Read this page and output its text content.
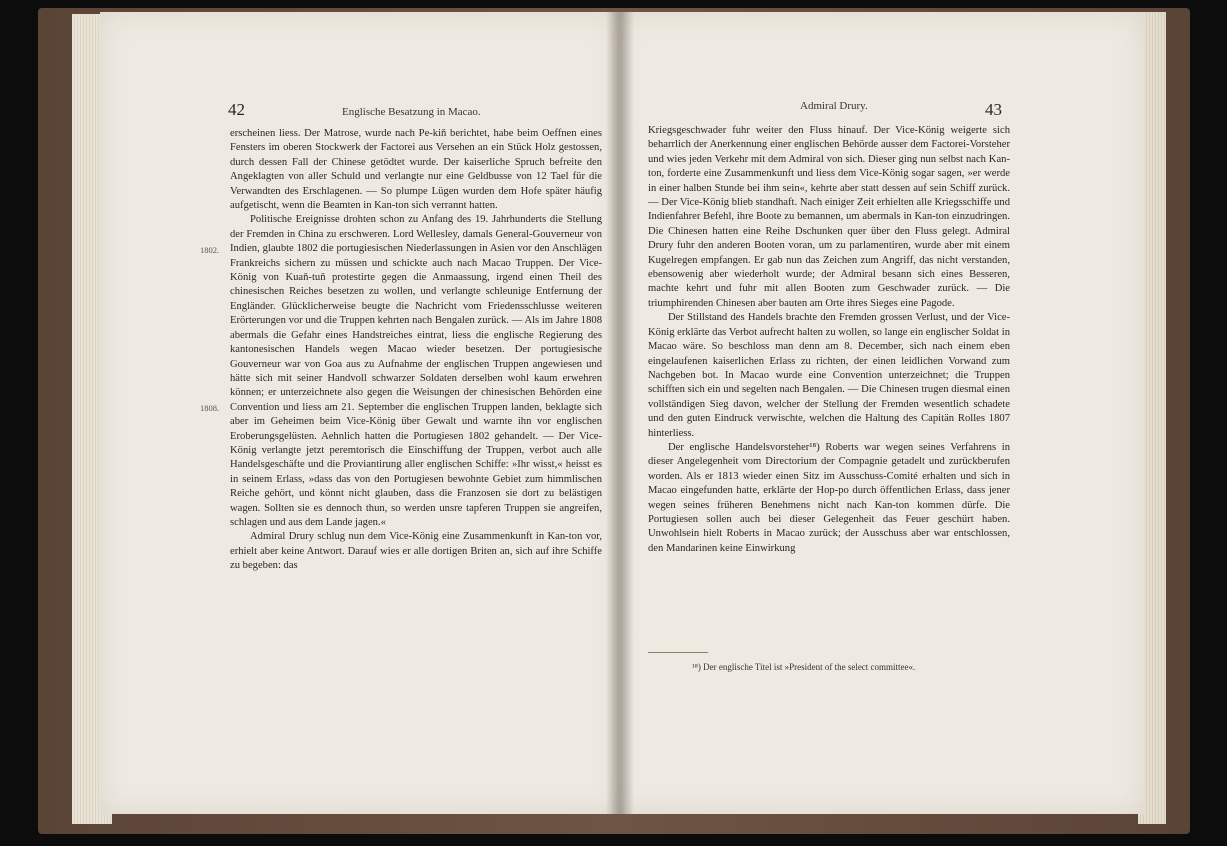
42	Englische Besatzung in Macao.
1802.
1808.

erscheinen liess. Der Matrose, wurde nach Pe-kiň berichtet, habe beim Oeffnen eines Fensters im oberen Stockwerk der Factorei aus Versehen an ein Stück Holz gestossen, durch dessen Fall der Chinese getödtet wurde. Der kaiserliche Spruch befreite den Angeklagten von aller Schuld und verlangte nur eine Geldbusse von 12 Tael für die Verwandten des Erschlagenen. — So plumpe Lügen wurden dem Hofe später häufig aufgetischt, wenn die Beamten in Kan-ton sich verrannt hatten.

Politische Ereignisse drohten schon zu Anfang des 19. Jahrhunderts die Stellung der Fremden in China zu erschweren. Lord Wellesley, damals General-Gouverneur von Indien, glaubte 1802 die portugiesischen Niederlassungen in Asien vor den Anschlägen Frankreichs sichern zu müssen und schickte auch nach Macao Truppen. Der Vice-König von Kuaň-tuň protestirte gegen die Anmaassung, irgend einen Theil des chinesischen Reiches besetzen zu wollen, und verlangte schleunige Entfernung der Engländer. Glücklicherweise beugte die Nachricht vom Friedensschlusse weiteren Erörterungen vor und die Truppen kehrten nach Bengalen zurück. — Als im Jahre 1808 abermals die Gefahr eines Handstreiches eintrat, liess die englische Regierung des kantonesischen Handels wegen Macao wieder besetzen. Der portugiesische Gouverneur war von Goa aus zu Aufnahme der englischen Truppen angewiesen und hätte sich mit seiner Handvoll schwarzer Soldaten derselben wohl kaum erwehren können; er unterzeichnete also gegen die Weisungen der chinesischen Behörden eine Convention und liess am 21. September die englischen Truppen landen, beklagte sich aber im Geheimen beim Vice-König über Gewalt und warnte ihn vor englischen Eroberungsgelüsten. Aehnlich hatten die Portugiesen 1802 gehandelt. — Der Vice-König verlangte jetzt peremtorisch die Einschiffung der Truppen, verbot auch alle Handelsgeschäfte und die Proviantirung aller englischen Schiffe: »Ihr wisst,« heisst es in seinem Erlass, »dass das von den Portugiesen bewohnte Gebiet zum himmlischen Reiche gehört, und könnt nicht glauben, dass die Franzosen sie dort zu belästigen wagen. Sollten sie es dennoch thun, so werden unsre tapferen Truppen sie angreifen, schlagen und aus dem Lande jagen.«

Admiral Drury schlug nun dem Vice-König eine Zusammenkunft in Kan-ton vor, erhielt aber keine Antwort. Darauf wies er alle dortigen Briten an, sich auf ihre Schiffe zu begeben: das

Admiral Drury.	43

Kriegsgeschwader fuhr weiter den Fluss hinauf. Der Vice-König weigerte sich beharrlich der Anerkennung einer englischen Behörde ausser dem Factorei-Vorsteher und wies jeden Verkehr mit dem Admiral von sich. Dieser ging nun selbst nach Kan-ton, forderte eine Zusammenkunft und liess dem Vice-König sogar sagen, »er werde in einer halben Stunde bei ihm sein«, kehrte aber statt dessen auf sein Schiff zurück. — Der Vice-König blieb standhaft. Nach einiger Zeit erhielten alle Kriegsschiffe und Indienfahrer Befehl, ihre Boote zu bemannen, um abermals in Kan-ton einzudringen. Die Chinesen hatten eine Reihe Dschunken quer über den Fluss gelegt. Admiral Drury fuhr den anderen Booten voran, um zu parlamentiren, wurde aber mit einem Kugelregen empfangen. Er gab nun das Zeichen zum Angriff, das nicht verstanden, ebensowenig aber wiederholt wurde; der Admiral besann sich eines Besseren, machte kehrt und fuhr mit allen Booten zum Geschwader zurück. — Die triumphirenden Chinesen aber bauten am Orte ihres Sieges eine Pagode.

Der Stillstand des Handels brachte den Fremden grossen Verlust, und der Vice-König erklärte das Verbot aufrecht halten zu wollen, so lange ein englischer Soldat in Macao wäre. So beschloss man denn am 8. December, sich nach einem eben eingelaufenen kaiserlichen Erlass zu richten, der einen leidlichen Vorwand zum Nachgeben bot. In Macao wurde eine Convention unterzeichnet; die Truppen schifften sich ein und segelten nach Bengalen. — Die Chinesen trugen diesmal einen vollständigen Sieg davon, welcher der Stellung der Fremden wesentlich schadete und den guten Eindruck verwischte, welchen die Haltung des Capitän Rolles 1807 hinterliess.

Der englische Handelsvorsteher¹⁸) Roberts war wegen seines Verfahrens in dieser Angelegenheit vom Directorium der Compagnie getadelt und zurückberufen worden. Als er 1813 wieder einen Sitz im Ausschuss-Comité erhalten und sich in Macao eingefunden hatte, erklärte der Hop-po durch öffentlichen Erlass, dass jener wegen seines früheren Benehmens nicht nach Kan-ton kommen dürfe. Die Portugiesen sollen auch bei dieser Gelegenheit das Feuer geschürt haben. Unwohlsein hielt Roberts in Macao zurück; der Ausschuss aber war entschlossen, den Mandarinen keine Einwirkung

¹⁸) Der englische Titel ist »President of the select committee«.
